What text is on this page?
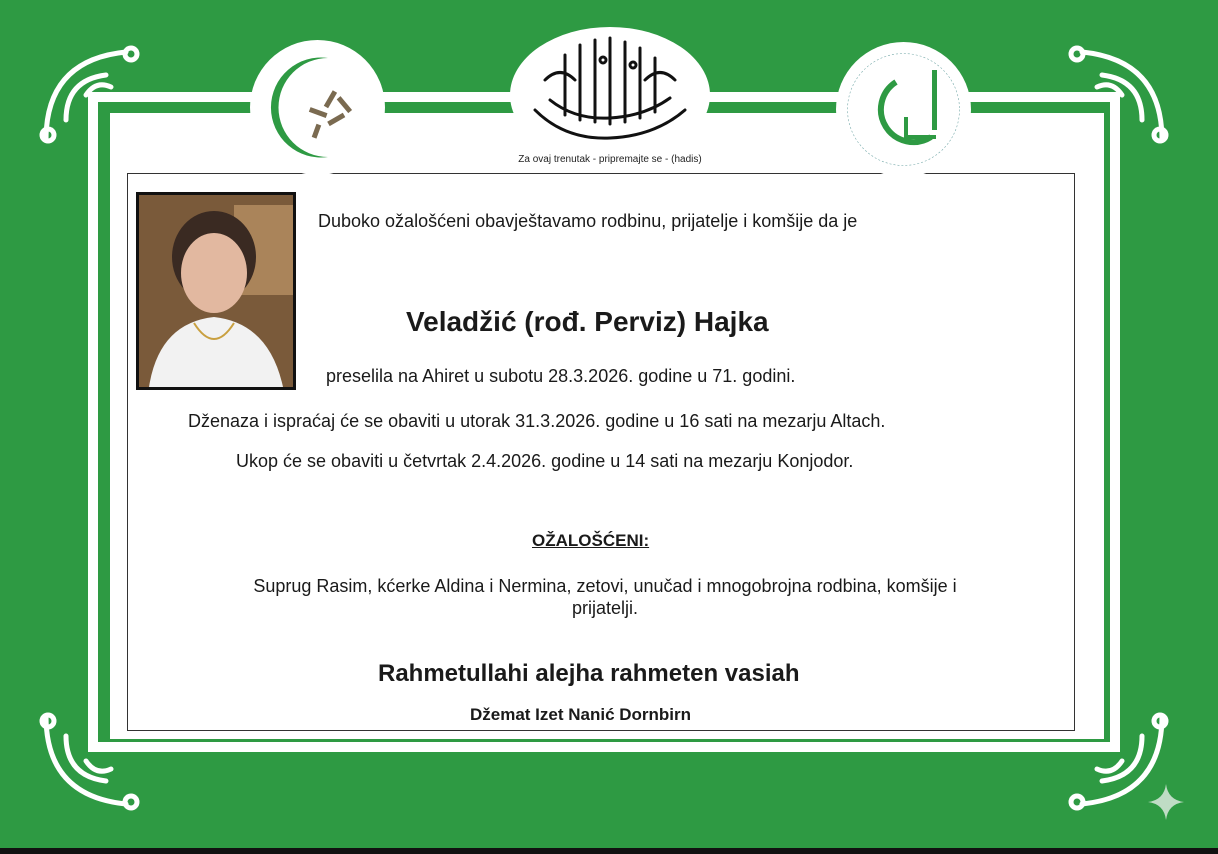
Za ovaj trenutak - pripremajte se - (hadis)
Duboko ožalošćeni obavještavamo rodbinu, prijatelje i komšije da je
Veladžić (rođ. Perviz) Hajka
preselila na Ahiret u subotu 28.3.2026. godine u 71. godini.
Dženaza i ispraćaj će se obaviti u utorak 31.3.2026. godine u 16 sati na mezarju Altach.
Ukop će se obaviti u četvrtak 2.4.2026. godine u 14 sati na mezarju Konjodor.
OŽALOŠĆENI:
Suprug Rasim, kćerke Aldina i Nermina, zetovi, unučad i mnogobrojna rodbina, komšije i
prijatelji.
Rahmetullahi alejha rahmeten vasiah
Džemat Izet Nanić Dornbirn
